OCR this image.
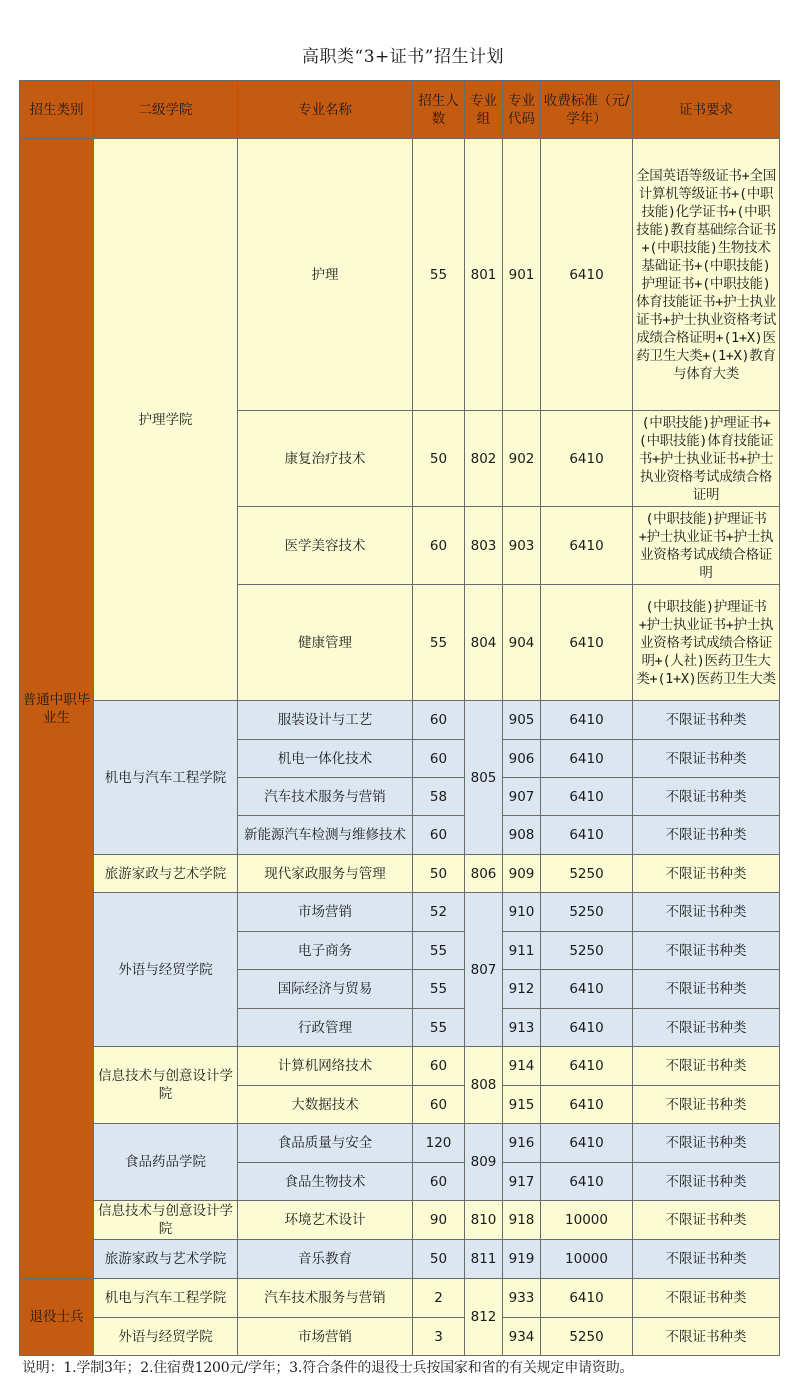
高职类“3+证书”招生计划
招生类别	二级学院	专业名称	招生人数	专业组	专业代码	收费标准（元/学年）	证书要求
普通中职毕业生	护理学院	护理	55	801	901	6410	全国英语等级证书+全国计算机等级证书+(中职技能)化学证书+(中职技能)教育基础综合证书+(中职技能)生物技术基础证书+(中职技能)护理证书+(中职技能)体育技能证书+护士执业证书+护士执业资格考试成绩合格证明+(1+X)医药卫生大类+(1+X)教育与体育大类
		康复治疗技术	50	802	902	6410	(中职技能)护理证书+(中职技能)体育技能证书+护士执业证书+护士执业资格考试成绩合格证明
		医学美容技术	60	803	903	6410	(中职技能)护理证书+护士执业证书+护士执业资格考试成绩合格证明
		健康管理	55	804	904	6410	(中职技能)护理证书+护士执业证书+护士执业资格考试成绩合格证明+(人社)医药卫生大类+(1+X)医药卫生大类
	机电与汽车工程学院	服装设计与工艺	60	805	905	6410	不限证书种类
		机电一体化技术	60		906	6410	不限证书种类
		汽车技术服务与营销	58		907	6410	不限证书种类
		新能源汽车检测与维修技术	60		908	6410	不限证书种类
	旅游家政与艺术学院	现代家政服务与管理	50	806	909	5250	不限证书种类
	外语与经贸学院	市场营销	52	807	910	5250	不限证书种类
		电子商务	55		911	5250	不限证书种类
		国际经济与贸易	55		912	6410	不限证书种类
		行政管理	55		913	6410	不限证书种类
	信息技术与创意设计学院	计算机网络技术	60	808	914	6410	不限证书种类
		大数据技术	60		915	6410	不限证书种类
	食品药品学院	食品质量与安全	120	809	916	6410	不限证书种类
		食品生物技术	60		917	6410	不限证书种类
	信息技术与创意设计学院	环境艺术设计	90	810	918	10000	不限证书种类
	旅游家政与艺术学院	音乐教育	50	811	919	10000	不限证书种类
退役士兵	机电与汽车工程学院	汽车技术服务与营销	2	812	933	6410	不限证书种类
	外语与经贸学院	市场营销	3		934	5250	不限证书种类
说明：1.学制3年；2.住宿费1200元/学年；3.符合条件的退役士兵按国家和省的有关规定申请资助。
